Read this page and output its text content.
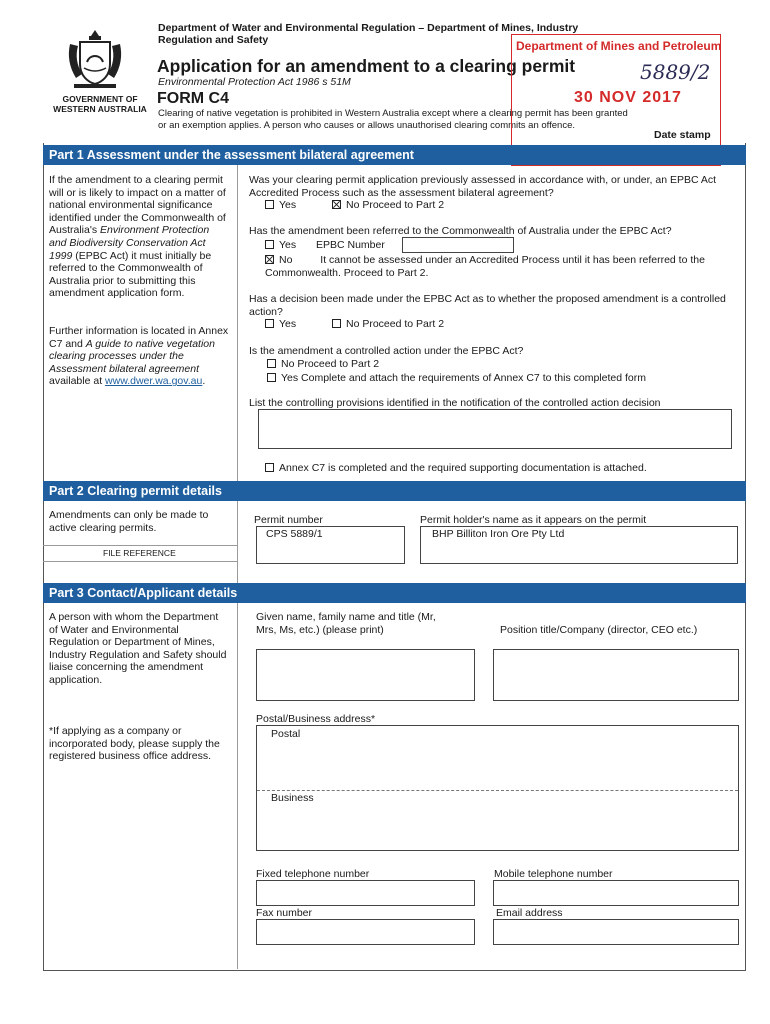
GOVERNMENT OF
WESTERN AUSTRALIA
Department of Water and Environmental Regulation – Department of Mines, Industry
Regulation and Safety
Application for an amendment to a clearing permit
Environmental Protection Act 1986 s 51M
FORM C4
Clearing of native vegetation is prohibited in Western Australia except where a clearing permit has been granted or an exemption applies. A person who causes or allows unauthorised clearing commits an offence.
Date stamp
Department of Mines and Petroleum
5889/2
30 NOV 2017
Part 1 Assessment under the assessment bilateral agreement
If the amendment to a clearing permit will or is likely to impact on a matter of national environmental significance identified under the Commonwealth of Australia's Environment Protection and Biodiversity Conservation Act 1999 (EPBC Act) it must initially be referred to the Commonwealth of Australia prior to submitting this amendment application form.
Further information is located in Annex C7 and A guide to native vegetation clearing processes under the Assessment bilateral agreement available at www.dwer.wa.gov.au.
Was your clearing permit application previously assessed in accordance with, or under, an EPBC Act Accredited Process such as the assessment bilateral agreement?
Yes	No Proceed to Part 2
Has the amendment been referred to the Commonwealth of Australia under the EPBC Act?
Yes EPBC Number
No	It cannot be assessed under an Accredited Process until it has been referred to the Commonwealth. Proceed to Part 2.
Has a decision been made under the EPBC Act as to whether the proposed amendment is a controlled action?
Yes	No Proceed to Part 2
Is the amendment a controlled action under the EPBC Act?
No Proceed to Part 2
Yes Complete and attach the requirements of Annex C7 to this completed form
List the controlling provisions identified in the notification of the controlled action decision
Annex C7 is completed and the required supporting documentation is attached.
Part 2 Clearing permit details
Amendments can only be made to active clearing permits.
FILE REFERENCE
Permit number
CPS 5889/1
Permit holder's name as it appears on the permit
BHP Billiton Iron Ore Pty Ltd
Part 3 Contact/Applicant details
A person with whom the Department of Water and Environmental Regulation or Department of Mines, Industry Regulation and Safety should liaise concerning the amendment application.
*If applying as a company or incorporated body, please supply the registered business office address.
Given name, family name and title (Mr, Mrs, Ms, etc.) (please print)	Position title/Company (director, CEO etc.)
Postal/Business address*
Postal
Business
Fixed telephone number	Mobile telephone number
Fax number	Email address
